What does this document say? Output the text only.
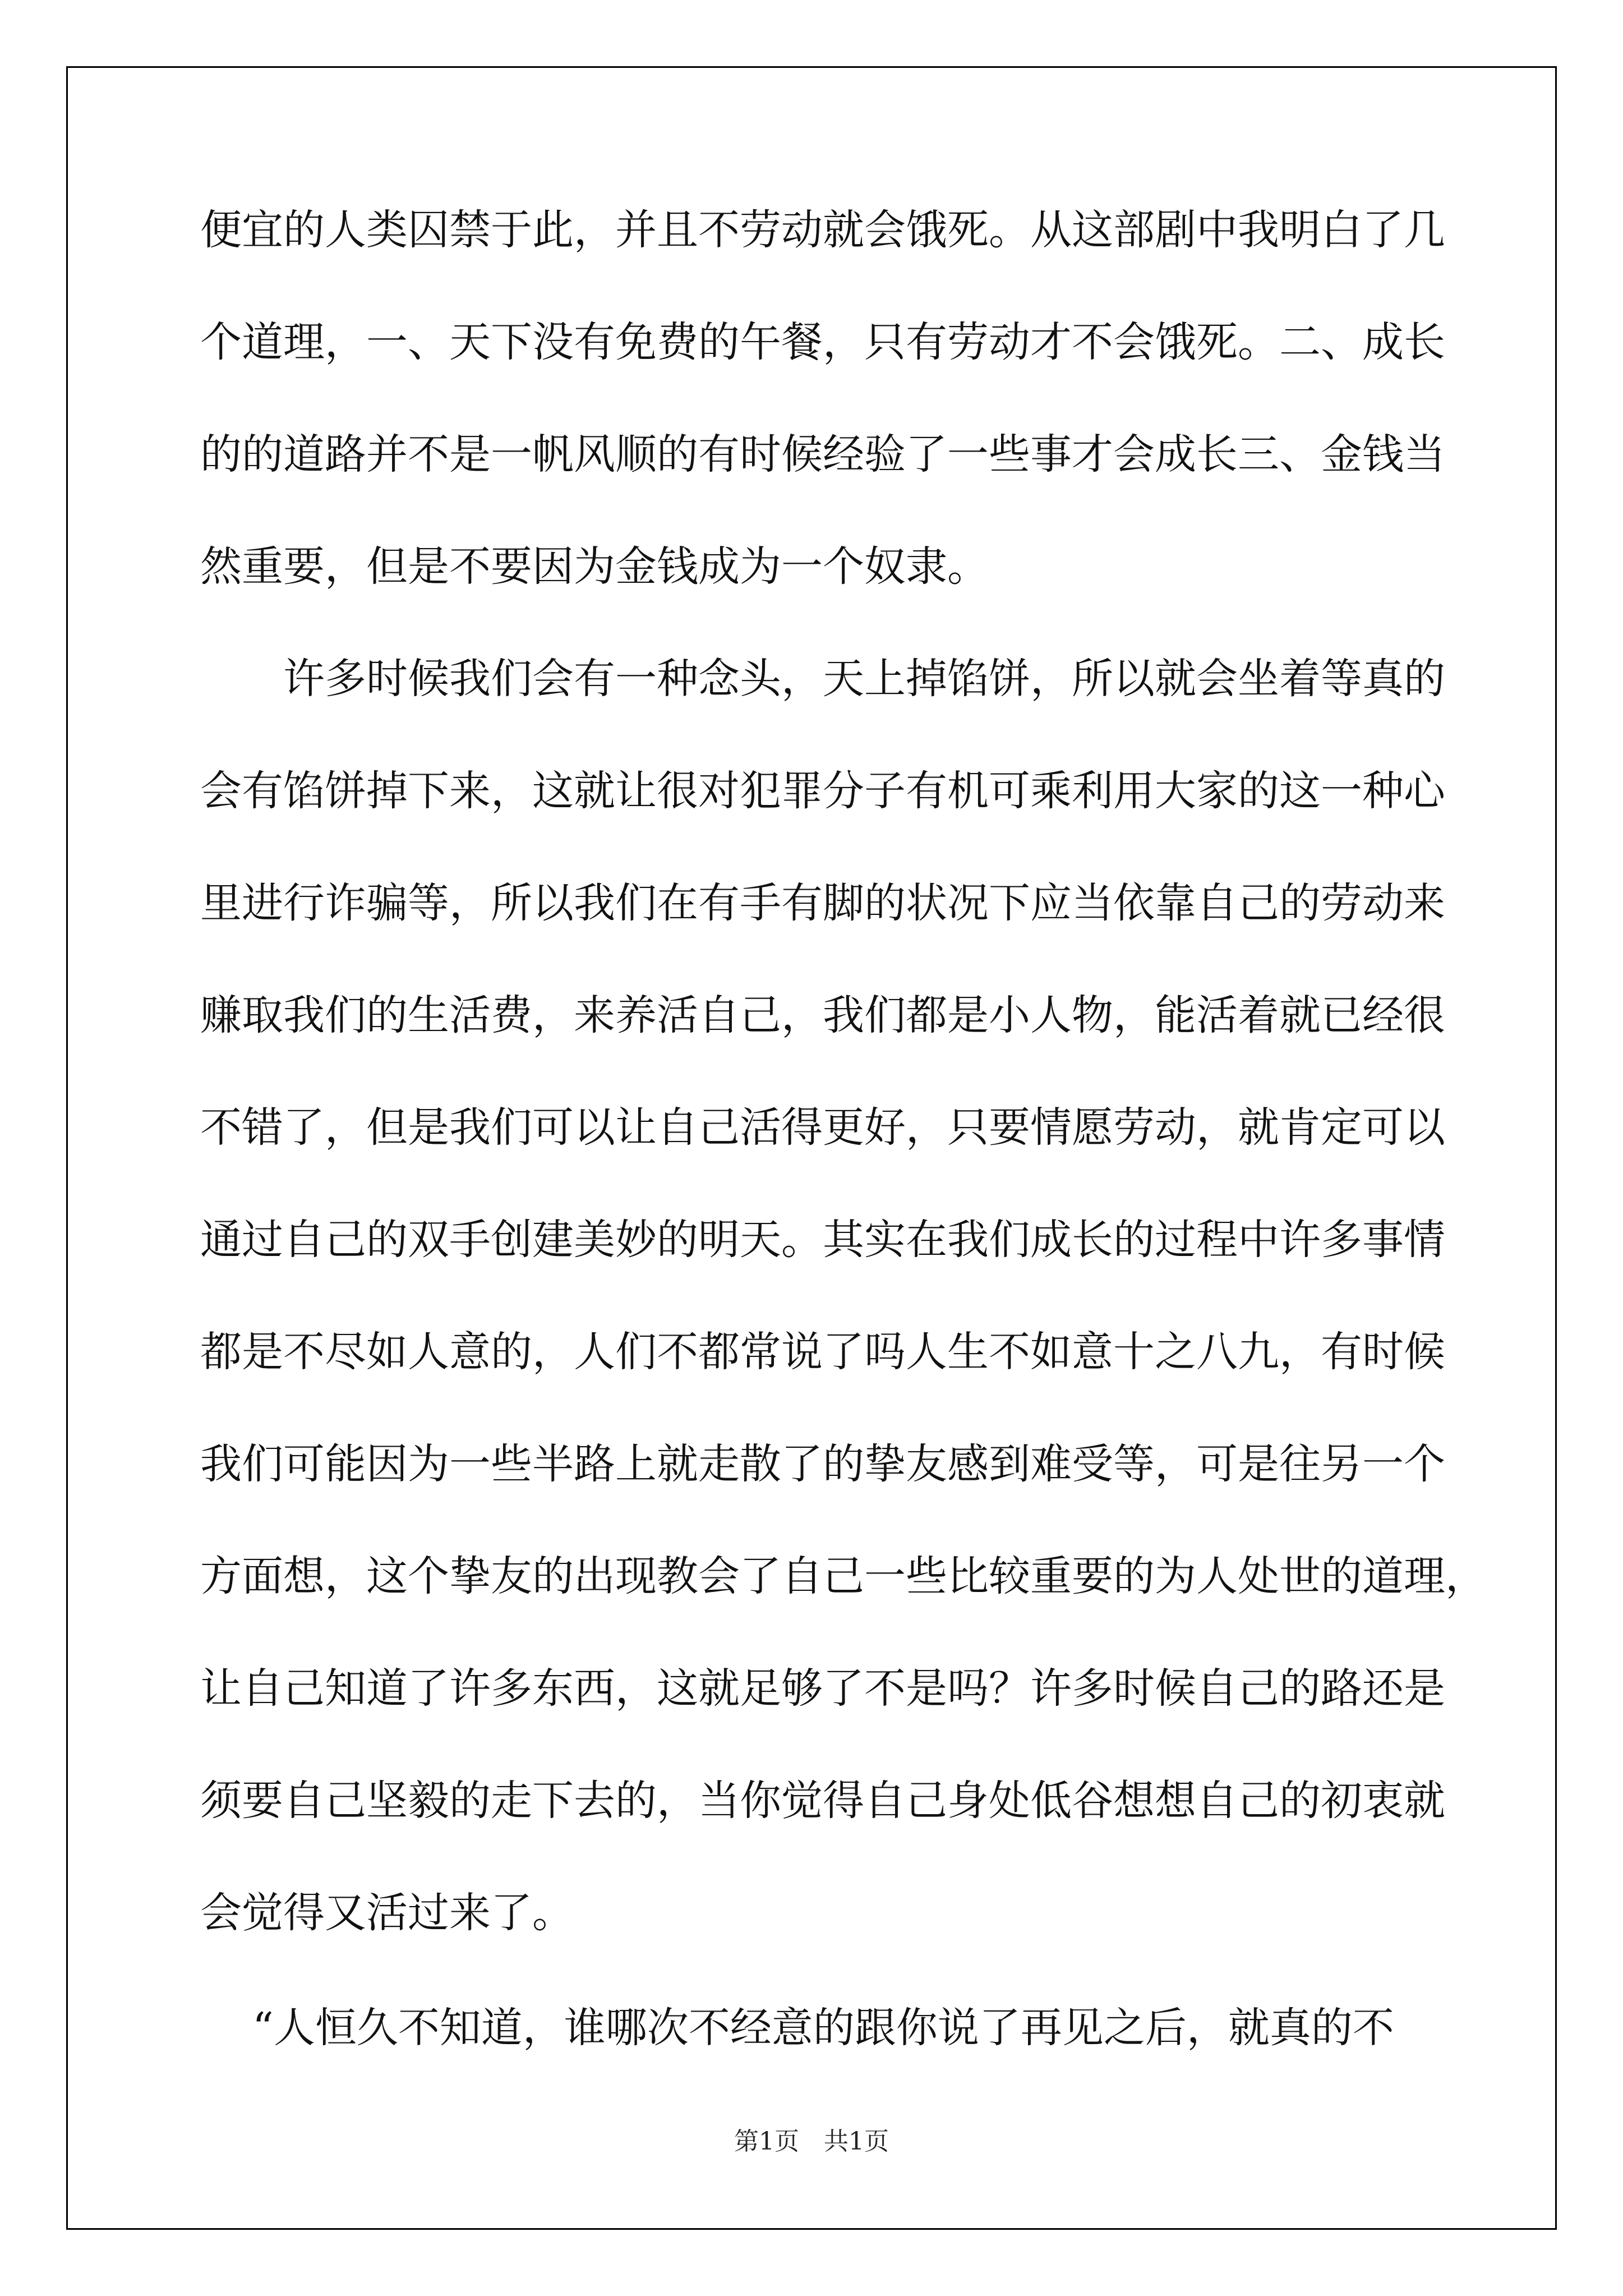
便宜的人类囚禁于此，并且不劳动就会饿死。从这部剧中我明白了几
个道理，一、天下没有免费的午餐，只有劳动才不会饿死。二、成长
的的道路并不是一帆风顺的有时候经验了一些事才会成长三、金钱当
然重要，但是不要因为金钱成为一个奴隶。
许多时候我们会有一种念头，天上掉馅饼，所以就会坐着等真的
会有馅饼掉下来，这就让很对犯罪分子有机可乘利用大家的这一种心
里进行诈骗等，所以我们在有手有脚的状况下应当依靠自己的劳动来
赚取我们的生活费，来养活自己，我们都是小人物，能活着就已经很
不错了，但是我们可以让自己活得更好，只要情愿劳动，就肯定可以
通过自己的双手创建美妙的明天。其实在我们成长的过程中许多事情
都是不尽如人意的，人们不都常说了吗人生不如意十之八九，有时候
我们可能因为一些半路上就走散了的挚友感到难受等，可是往另一个
方面想，这个挚友的出现教会了自己一些比较重要的为人处世的道理，
让自己知道了许多东西，这就足够了不是吗？许多时候自己的路还是
须要自己坚毅的走下去的，当你觉得自己身处低谷想想自己的初衷就
会觉得又活过来了。
“人恒久不知道，谁哪次不经意的跟你说了再见之后，就真的不
第1页　共1页
